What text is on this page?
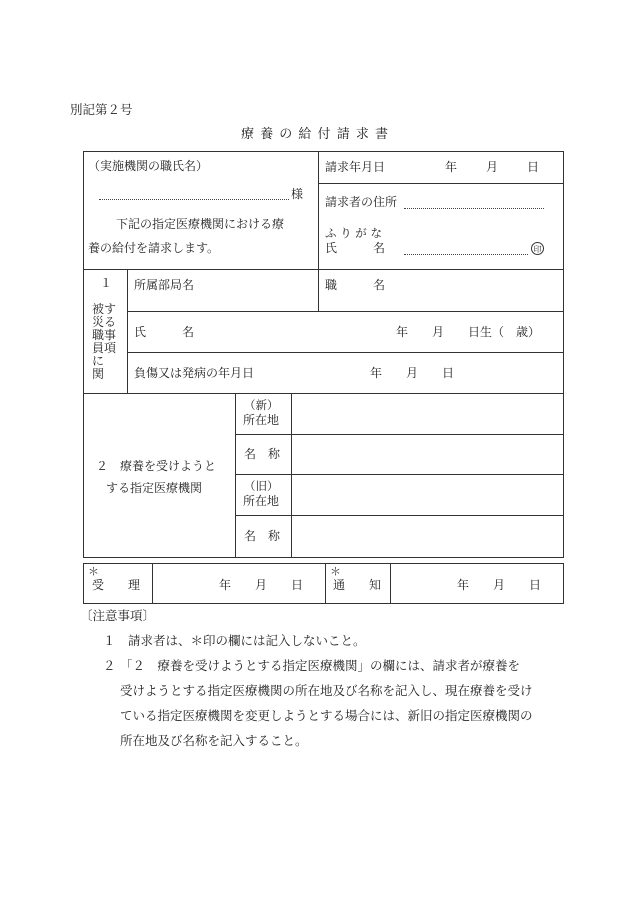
別記第２号
療 養 の 給 付 請 求 書
（実施機関の職氏名）
様
下記の指定医療機関における療
養の給付を請求します。
請求年月日	年 月 日
請求者の住所
ふ り が な
氏　　　名	印
１
被災職員に関
する事項
所属部局名	職　　　名
氏　　　名	年　　月　　日生（　歳）
負傷又は発病の年月日	年　　月　　日
２　療養を受けようと
する指定医療機関
（新）
所在地
名　称
（旧）
所在地
名　称
＊
受　　理	年　　月　　日
＊
通　　知	年　　月　　日
〔注意事項〕
１ 請求者は、＊印の欄には記入しないこと。
２ 「２　療養を受けようとする指定医療機関」の欄には、請求者が療養を
受けようとする指定医療機関の所在地及び名称を記入し、現在療養を受け
ている指定医療機関を変更しようとする場合には、新旧の指定医療機関の
所在地及び名称を記入すること。
